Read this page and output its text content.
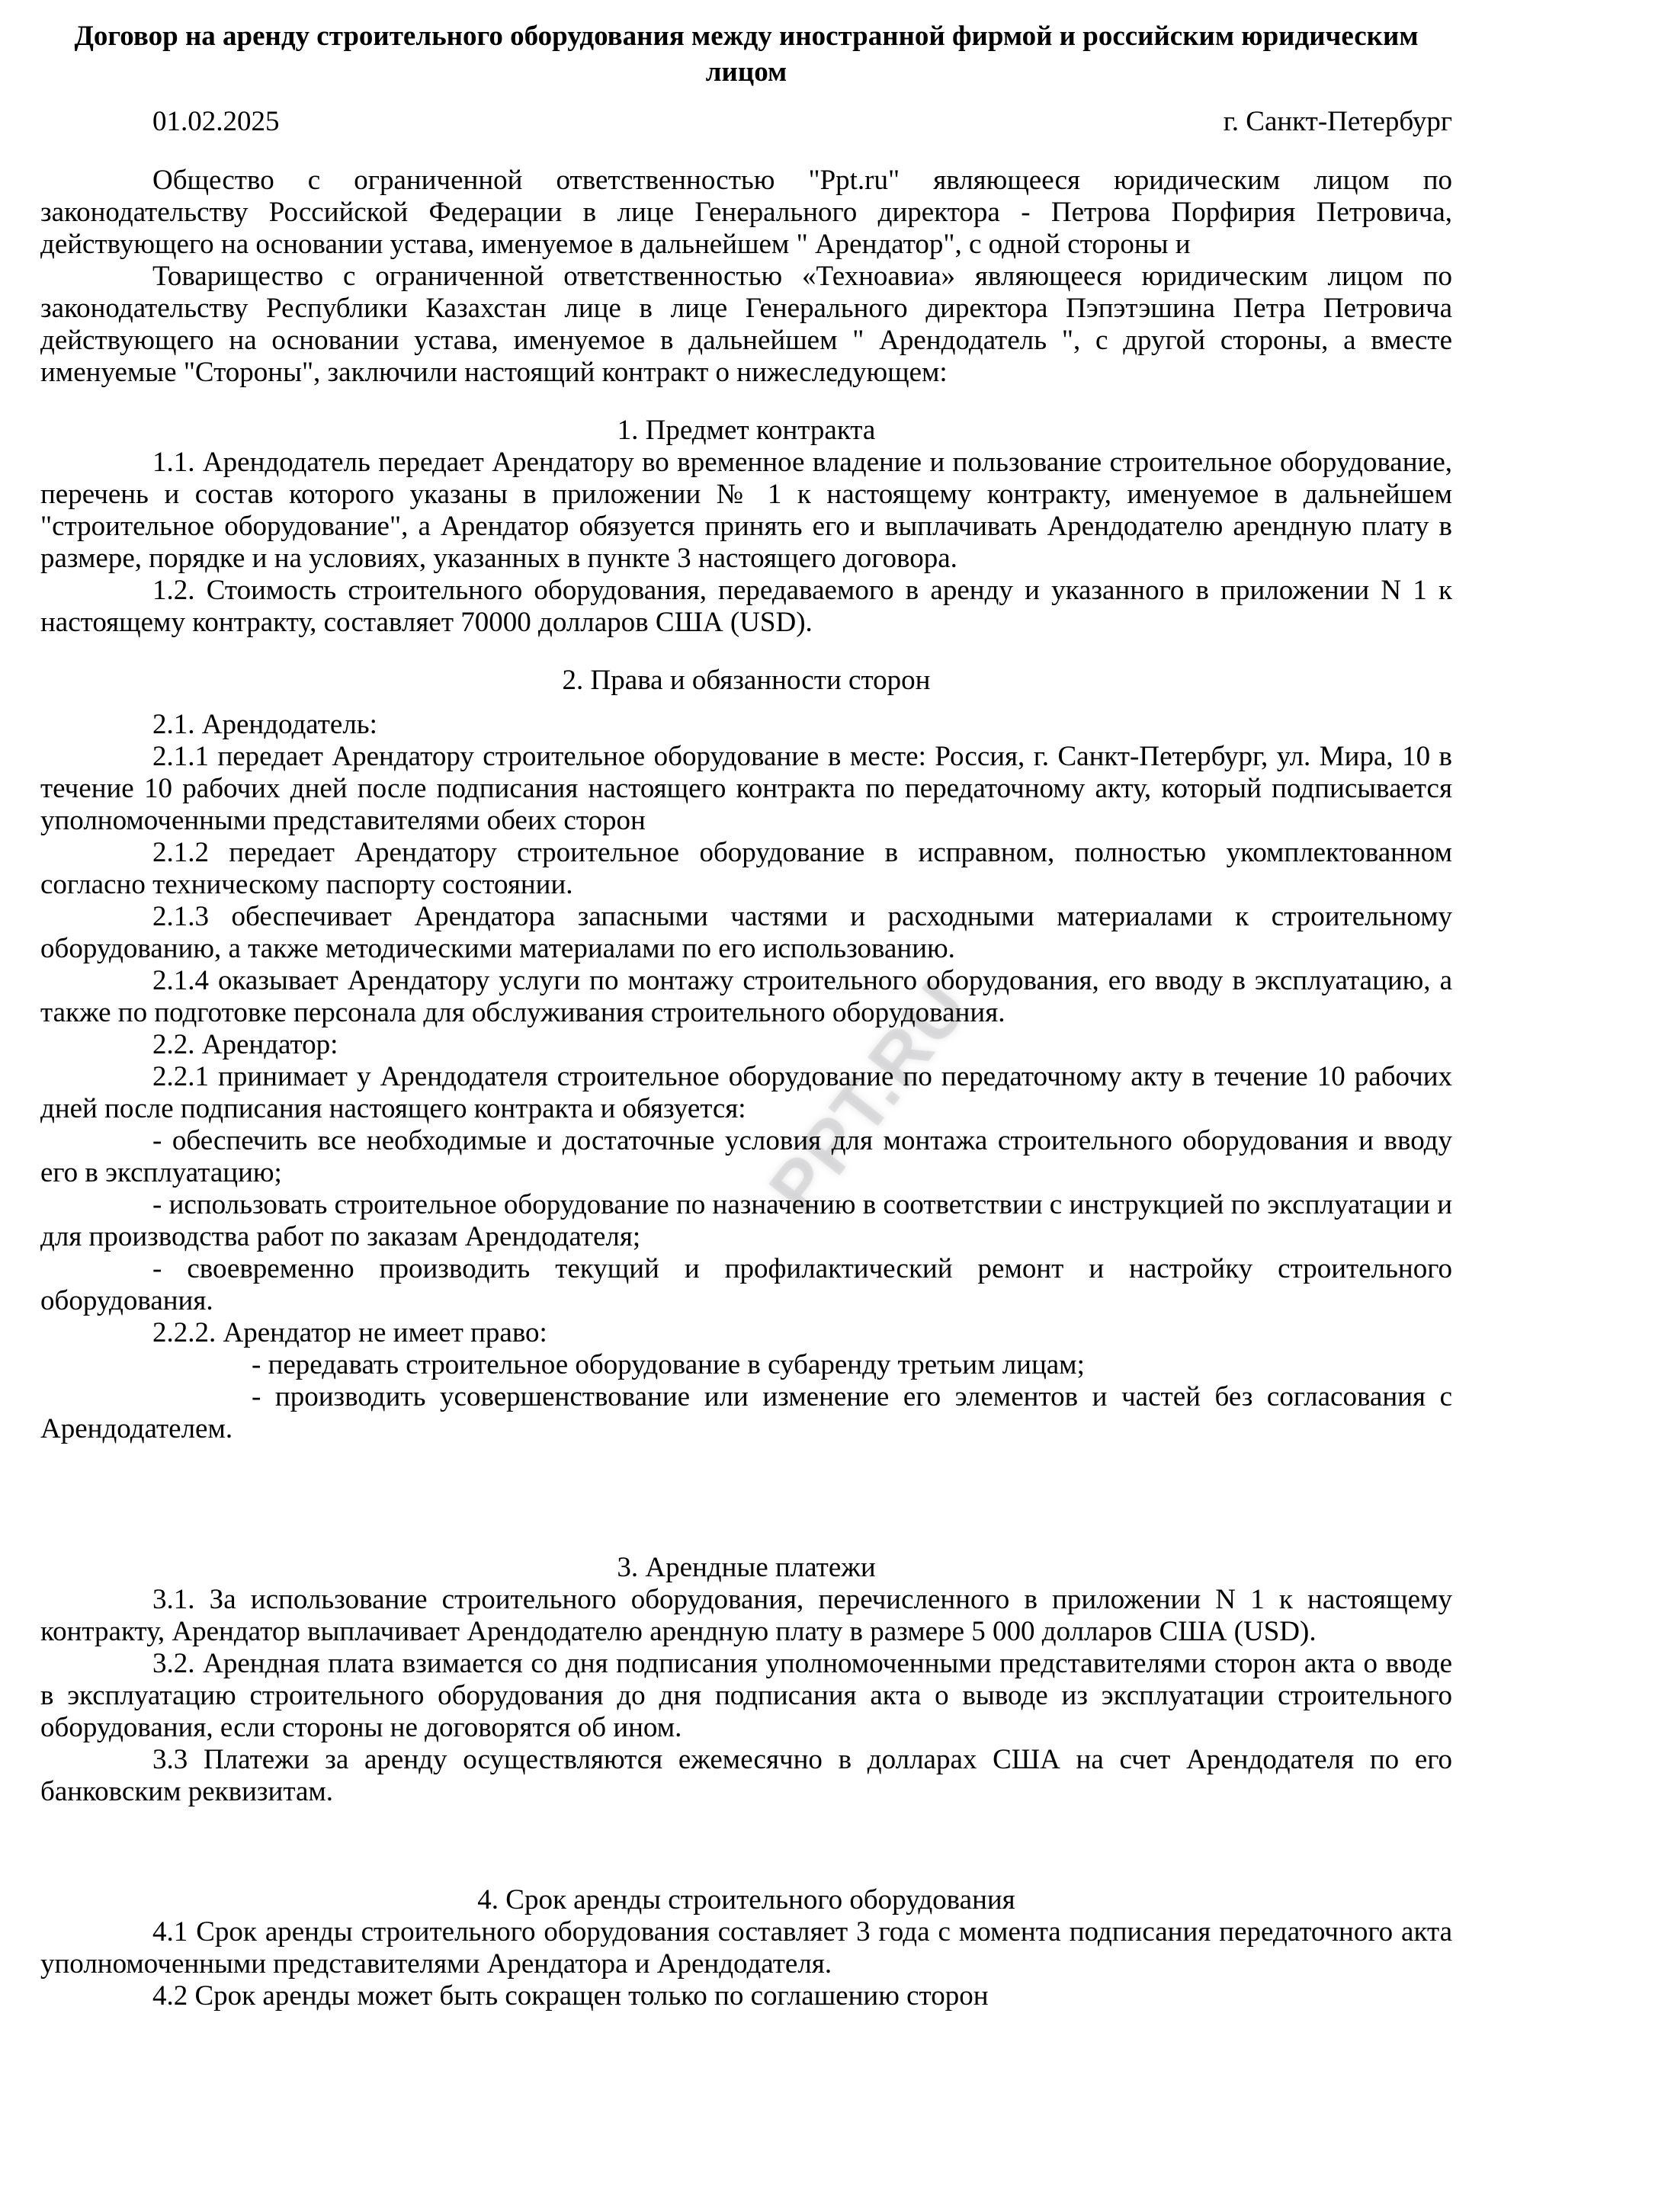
PPT.RU
Договор на аренду строительного оборудования между иностранной фирмой и российским юридическим лицом
01.02.2025	г. Санкт-Петербург

Общество с ограниченной ответственностью "Ppt.ru" являющееся юридическим лицом по законодательству Российской Федерации в лице Генерального директора - Петрова Порфирия Петровича, действующего на основании устава, именуемое в дальнейшем " Арендатор", с одной стороны и

Товарищество с ограниченной ответственностью «Техноавиа» являющееся юридическим лицом по законодательству Республики Казахстан лице в лице Генерального директора Пэпэтэшина Петра Петровича действующего на основании устава, именуемое в дальнейшем " Арендодатель ", с другой стороны, а вместе именуемые "Стороны", заключили настоящий контракт о нижеследующем:

1. Предмет контракта

1.1. Арендодатель передает Арендатору во временное владение и пользование строительное оборудование, перечень и состав которого указаны в приложении № 1 к настоящему контракту, именуемое в дальнейшем "строительное оборудование", а Арендатор обязуется принять его и выплачивать Арендодателю арендную плату в размере, порядке и на условиях, указанных в пункте 3 настоящего договора.

1.2. Стоимость строительного оборудования, передаваемого в аренду и указанного в приложении N 1 к настоящему контракту, составляет 70000 долларов США (USD).

2. Права и обязанности сторон

2.1. Арендодатель:

2.1.1 передает Арендатору строительное оборудование в месте: Россия, г. Санкт-Петербург, ул. Мира, 10 в течение 10 рабочих дней после подписания настоящего контракта по передаточному акту, который подписывается уполномоченными представителями обеих сторон

2.1.2 передает Арендатору строительное оборудование в исправном, полностью укомплектованном согласно техническому паспорту состоянии.

2.1.3 обеспечивает Арендатора запасными частями и расходными материалами к строительному оборудованию, а также методическими материалами по его использованию.

2.1.4 оказывает Арендатору услуги по монтажу строительного оборудования, его вводу в эксплуатацию, а также по подготовке персонала для обслуживания строительного оборудования.

2.2. Арендатор:

2.2.1 принимает у Арендодателя строительное оборудование по передаточному акту в течение 10 рабочих дней после подписания настоящего контракта и обязуется:

- обеспечить все необходимые и достаточные условия для монтажа строительного оборудования и вводу его в эксплуатацию;

- использовать строительное оборудование по назначению в соответствии с инструкцией по эксплуатации и для производства работ по заказам Арендодателя;

- своевременно производить текущий и профилактический ремонт и настройку строительного оборудования.

2.2.2. Арендатор не имеет право:

- передавать строительное оборудование в субаренду третьим лицам;

- производить усовершенствование или изменение его элементов и частей без согласования с Арендодателем.

3. Арендные платежи

3.1. За использование строительного оборудования, перечисленного в приложении N 1 к настоящему контракту, Арендатор выплачивает Арендодателю арендную плату в размере 5 000 долларов США (USD).

3.2. Арендная плата взимается со дня подписания уполномоченными представителями сторон акта о вводе в эксплуатацию строительного оборудования до дня подписания акта о выводе из эксплуатации строительного оборудования, если стороны не договорятся об ином.

3.3 Платежи за аренду осуществляются ежемесячно в долларах США на счет Арендодателя по его банковским реквизитам.

4. Срок аренды строительного оборудования

4.1 Срок аренды строительного оборудования составляет 3 года с момента подписания передаточного акта уполномоченными представителями Арендатора и Арендодателя.

4.2 Срок аренды может быть сокращен только по соглашению сторон
